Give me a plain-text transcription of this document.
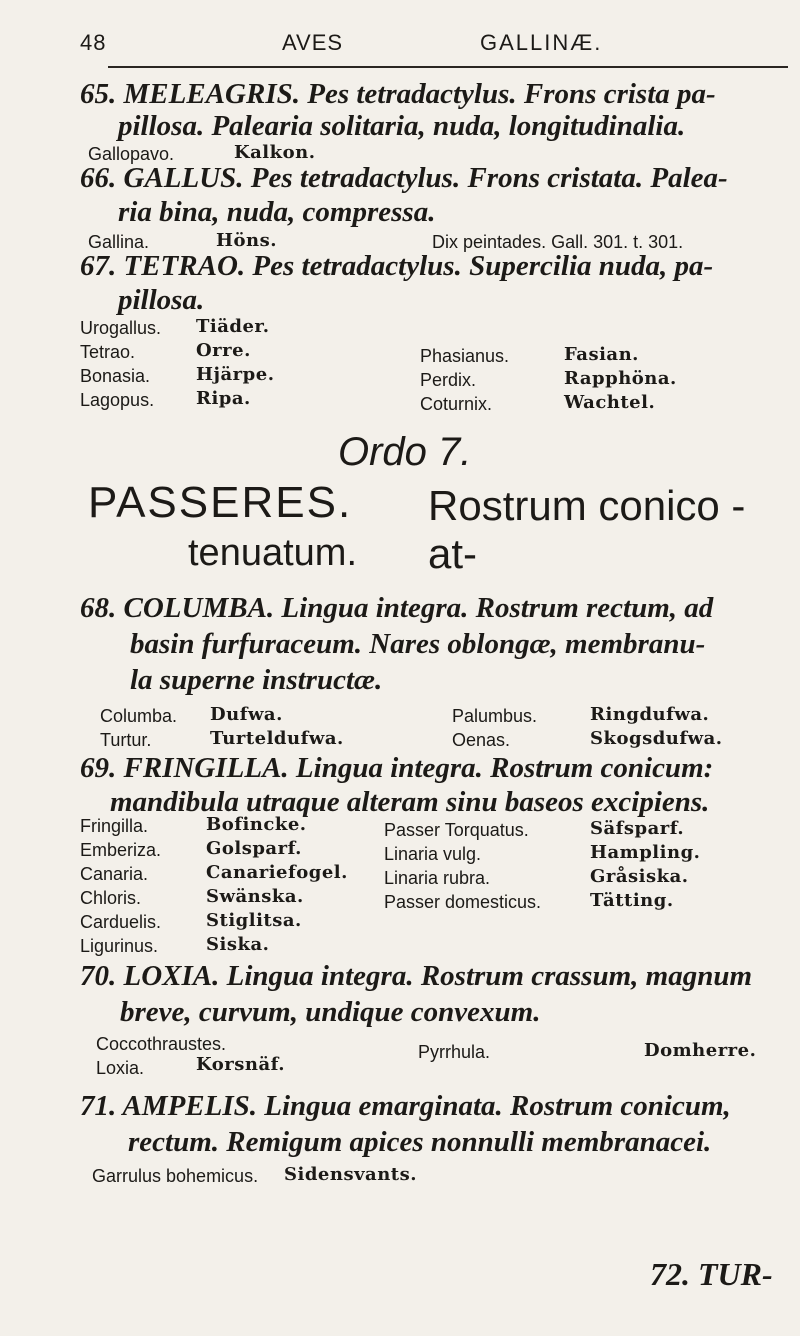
48	AVES	GALLINÆ.
65. MELEAGRIS. Pes tetradactylus. Frons crista pa-
pillosa. Palearia solitaria, nuda, longitudinalia.
Gallopavo.	Kalkon.
66. GALLUS. Pes tetradactylus. Frons cristata. Palea-
ria bina, nuda, compressa.
Gallina.	Höns.	Dix peintades. Gall. 301. t. 301.
67. TETRAO. Pes tetradactylus. Supercilia nuda, pa-
pillosa.
Urogallus. Tiäder.
Tetrao.	Orre.
Bonasia.	Hjärpe.
Lagopus. Ripa.
Phasianus.	Fasian.
Perdix.	Rapphöna.
Coturnix.	Wachtel.
Ordo 7.
PASSERES. Rostrum conico - at-
tenuatum.
68. COLUMBA. Lingua integra. Rostrum rectum, ad
basin furfuraceum. Nares oblongæ, membranu-
la superne instructæ.
Columba. Dufwa.
Turtur.	Turteldufwa.
Palumbus.	Ringdufwa.
Oenas.	Skogsdufwa.
69. FRINGILLA. Lingua integra. Rostrum conicum:
mandibula utraque alteram sinu baseos excipiens.
Fringilla.	Bofincke.
Emberiza. Golsparf.
Canaria.	Canariefogel.
Chloris.	Swänska.
Carduelis. Stiglitsa.
Ligurinus.	Siska.
Passer Torquatus.	Säfsparf.
Linaria vulg.	Hampling.
Linaria rubra.	Gråsiska.
Passer domesticus.	Tätting.
70. LOXIA. Lingua integra. Rostrum crassum, magnum
breve, curvum, undique convexum.
Coccothraustes.
Loxia.	Korsnäf.
Pyrrhula.	Domherre.
71. AMPELIS. Lingua emarginata. Rostrum conicum,
rectum. Remigum apices nonnulli membranacei.
Garrulus bohemicus. Sidensvants.
72. TUR-
